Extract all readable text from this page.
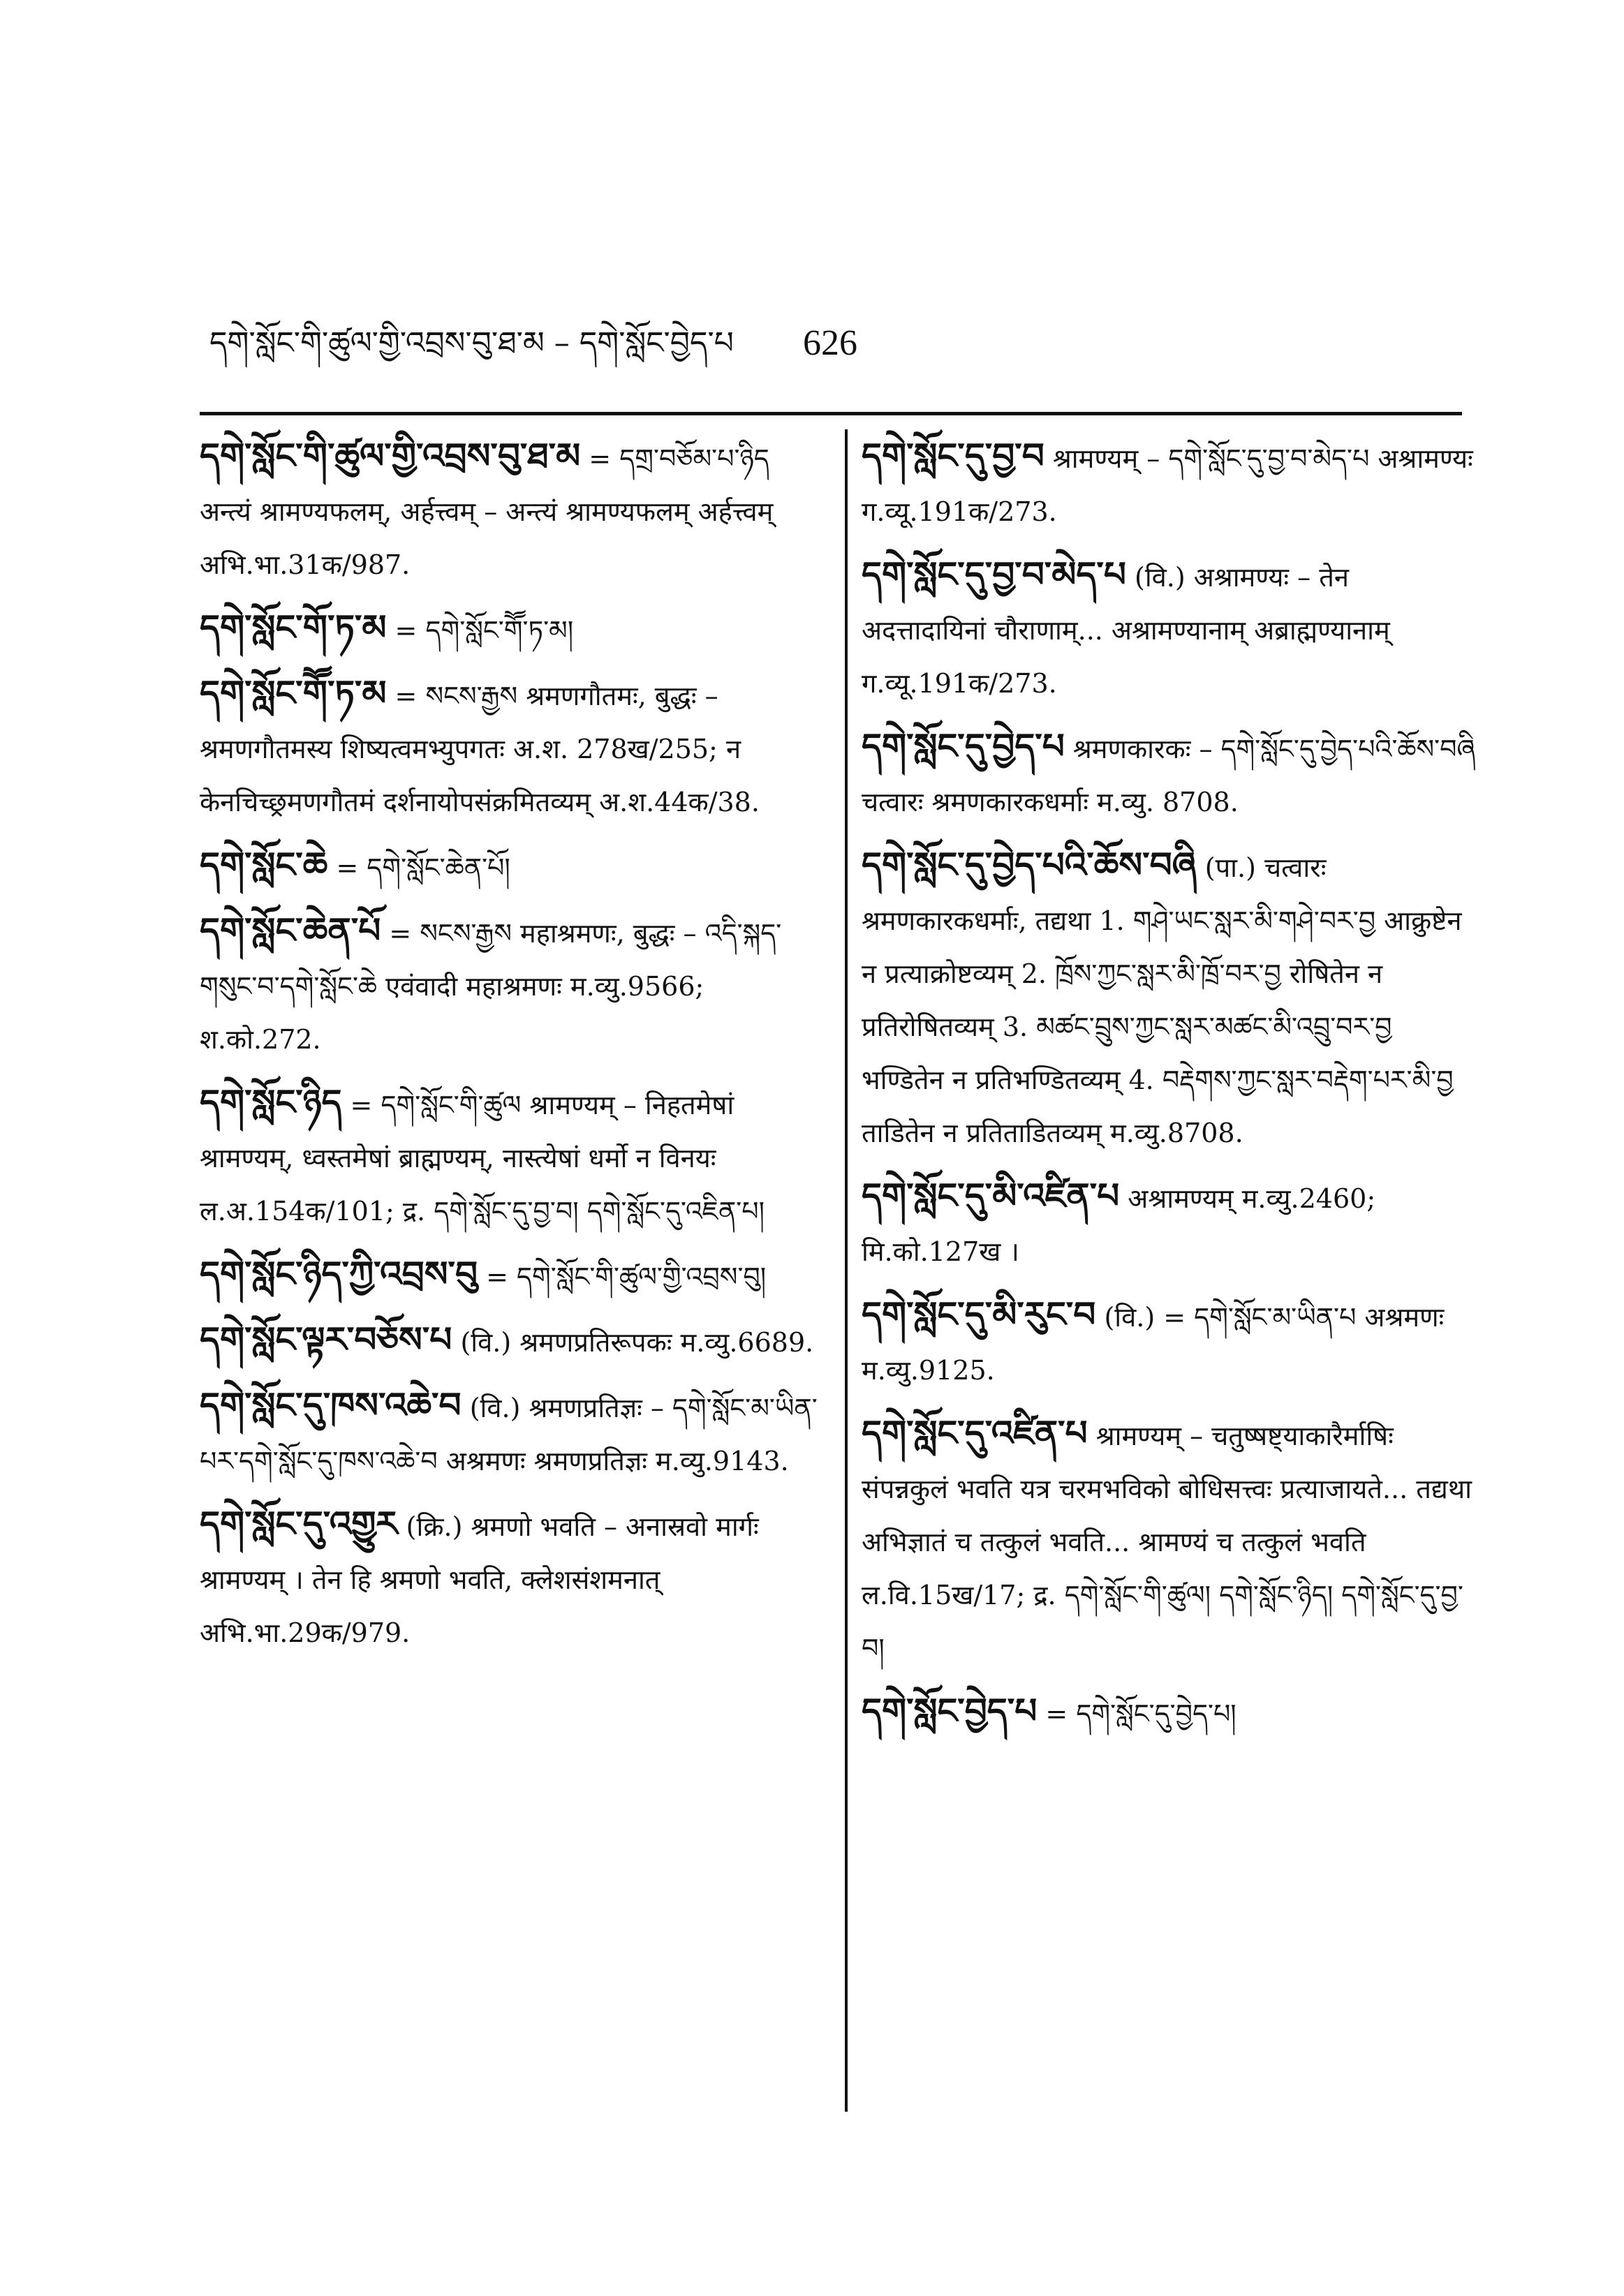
དགེ་སློང་གི་ཚུལ་གྱི་འབྲས་བུ་ཐ་མ – དགེ་སློང་བྱེད་པ 626
དགེ་སློང་གི་ཚུལ་གྱི་འབྲས་བུ་ཐ་མ = དགྲ་བཅོམ་པ་ཉིད अन्त्यं श्रामण्यफलम्, अर्हत्त्वम् – अन्त्यं श्रामण्यफलम् अर्हत्त्वम् अभि.भा.31क/987.
དགེ་སློང་གོ་ཏ་མ = དགེ་སློང་གཽ་ཏ་མ།
དགེ་སློང་གཽ་ཏ་མ = སངས་རྒྱས श्रमणगौतमः, बुद्धः – श्रमणगौतमस्य शिष्यत्वमभ्युपगतः अ.श. 278ख/255; न केनचिच्छ्रमणगौतमं दर्शनायोपसंक्रमितव्यम् अ.श.44क/38.
དགེ་སློང་ཆེ = དགེ་སློང་ཆེན་པོ།
དགེ་སློང་ཆེན་པོ = སངས་རྒྱས महाश्रमणः, बुद्धः – འདི་སྐད་གསུང་བ་དགེ་སློང་ཆེ एवंवादी महाश्रमणः म.व्यु.9566; श.को.272.
དགེ་སློང་ཉིད = དགེ་སློང་གི་ཚུལ श्रामण्यम् – निहतमेषां श्रामण्यम्, ध्वस्तमेषां ब्राह्मण्यम्, नास्त्येषां धर्मो न विनयः ल.अ.154क/101; द्र. དགེ་སློང་དུ་བྱ་བ། དགེ་སློང་དུ་འཇིན་པ།
དགེ་སློང་ཉིད་ཀྱི་འབྲས་བུ = དགེ་སློང་གི་ཚུལ་གྱི་འབྲས་བུ།
དགེ་སློང་ལྟར་བཅོས་པ (वि.) श्रमणप्रतिरूपकः म.व्यु.6689.
དགེ་སློང་དུ་ཁས་འཆེ་བ (वि.) श्रमणप्रतिज्ञः – དགེ་སློང་མ་ཡིན་པར་དགེ་སློང་དུ་ཁས་འཆེ་བ अश्रमणः श्रमणप्रतिज्ञः म.व्यु.9143.
དགེ་སློང་དུ་འགྱུར (क्रि.) श्रमणो भवति – अनास्रवो मार्गः श्रामण्यम् । तेन हि श्रमणो भवति, क्लेशसंशमनात् अभि.भा.29क/979.
དགེ་སློང་དུ་བྱ་བ श्रामण्यम् – དགེ་སློང་དུ་བྱ་བ་མེད་པ अश्रामण्यः ग.व्यू.191क/273.
དགེ་སློང་དུ་བྱ་བ་མེད་པ (वि.) अश्रामण्यः – तेन अदत्तादायिनां चौराणाम्... अश्रामण्यानाम् अब्राह्मण्यानाम् ग.व्यू.191क/273.
དགེ་སློང་དུ་བྱེད་པ श्रमणकारकः – དགེ་སློང་དུ་བྱེད་པའི་ཆོས་བཞི चत्वारः श्रमणकारकधर्माः म.व्यु. 8708.
དགེ་སློང་དུ་བྱེད་པའི་ཆོས་བཞི (पा.) चत्वारः श्रमणकारकधर्माः, तद्यथा 1. གཤེ་ཡང་སླར་མི་གཤེ་བར་བྱ आक्रुष्टेन न प्रत्याक्रोष्टव्यम् 2. ཁྲོས་ཀྱང་སླར་མི་ཁྲོ་བར་བྱ रोषितेन न प्रतिरोषितव्यम् 3. མཚང་བྲུས་ཀྱང་སླར་མཚང་མི་འབྲུ་བར་བྱ भण्डितेन न प्रतिभण्डितव्यम् 4. བརྡེགས་ཀྱང་སླར་བརྡེག་པར་མི་བྱ ताडितेन न प्रतिताडितव्यम् म.व्यु.8708.
དགེ་སློང་དུ་མི་འཛིན་པ अश्रामण्यम् म.व्यु.2460; मि.को.127ख ।
དགེ་སློང་དུ་མི་རུང་བ (वि.) = དགེ་སློང་མ་ཡིན་པ अश्रमणः म.व्यु.9125.
དགེ་སློང་དུ་འཛིན་པ श्रामण्यम् – चतुष्षष्ट्याकारैर्माषिः संपन्नकुलं भवति यत्र चरमभविको बोधिसत्त्वः प्रत्याजायते... तद्यथा अभिज्ञातं च तत्कुलं भवति... श्रामण्यं च तत्कुलं भवति ल.वि.15ख/17; द्र. དགེ་སློང་གི་ཚུལ། དགེ་སློང་ཉིད། དགེ་སློང་དུ་བྱ་བ།
དགེ་སློང་བྱེད་པ = དགེ་སློང་དུ་བྱེད་པ།
